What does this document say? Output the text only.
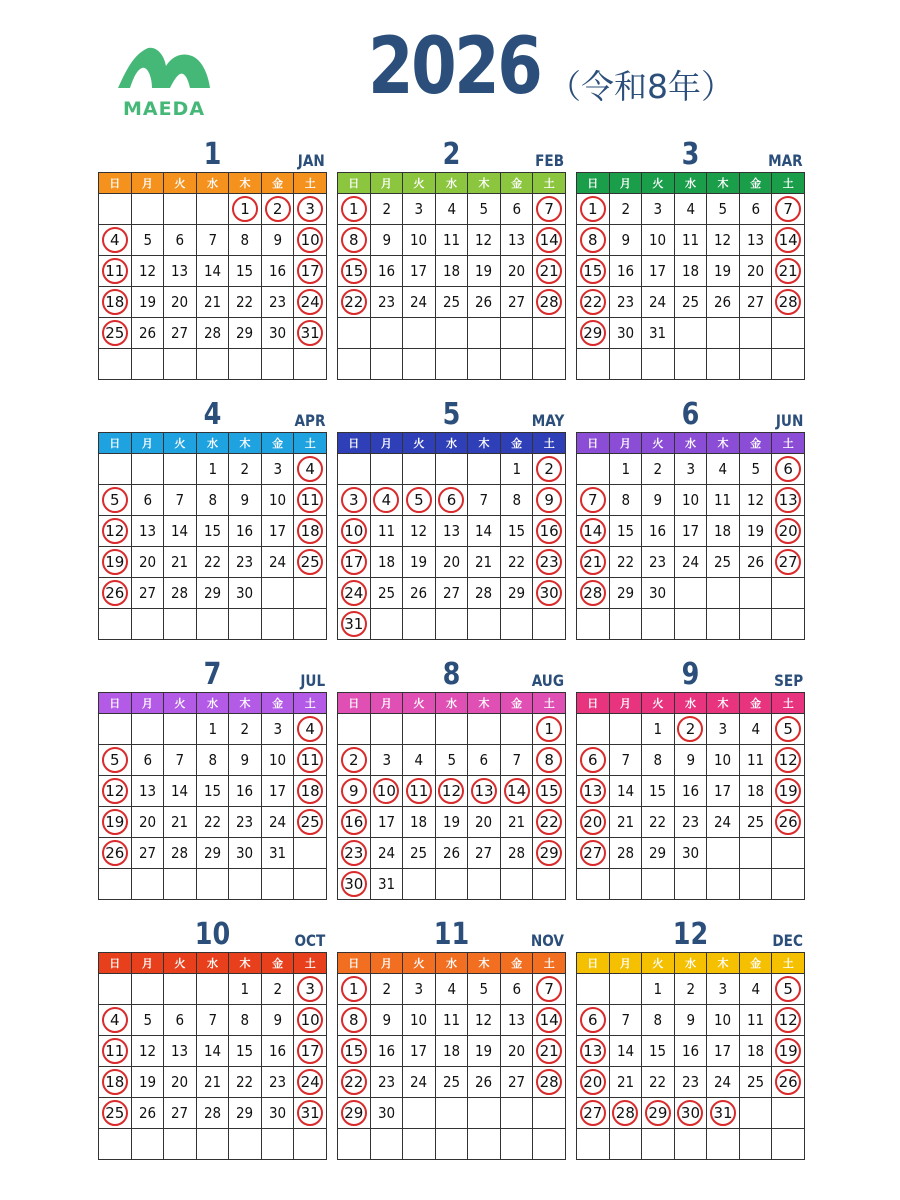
MAEDA 2026 （令和8年）
1	JAN
日	月	火	水	木	金	土
				1	2	3
4	5	6	7	8	9	10
11	12	13	14	15	16	17
18	19	20	21	22	23	24
25	26	27	28	29	30	31

2	FEB
日	月	火	水	木	金	土
1	2	3	4	5	6	7
8	9	10	11	12	13	14
15	16	17	18	19	20	21
22	23	24	25	26	27	28

3	MAR
日	月	火	水	木	金	土
1	2	3	4	5	6	7
8	9	10	11	12	13	14
15	16	17	18	19	20	21
22	23	24	25	26	27	28
29	30	31				

4	APR
日	月	火	水	木	金	土
			1	2	3	4
5	6	7	8	9	10	11
12	13	14	15	16	17	18
19	20	21	22	23	24	25
26	27	28	29	30		

5	MAY
日	月	火	水	木	金	土
					1	2
3	4	5	6	7	8	9
10	11	12	13	14	15	16
17	18	19	20	21	22	23
24	25	26	27	28	29	30
31						
6	JUN
日	月	火	水	木	金	土
	1	2	3	4	5	6
7	8	9	10	11	12	13
14	15	16	17	18	19	20
21	22	23	24	25	26	27
28	29	30				

7	JUL
日	月	火	水	木	金	土
			1	2	3	4
5	6	7	8	9	10	11
12	13	14	15	16	17	18
19	20	21	22	23	24	25
26	27	28	29	30	31	

8	AUG
日	月	火	水	木	金	土
						1
2	3	4	5	6	7	8
9	10	11	12	13	14	15
16	17	18	19	20	21	22
23	24	25	26	27	28	29
30	31					
9	SEP
日	月	火	水	木	金	土
		1	2	3	4	5
6	7	8	9	10	11	12
13	14	15	16	17	18	19
20	21	22	23	24	25	26
27	28	29	30			

10	OCT
日	月	火	水	木	金	土
				1	2	3
4	5	6	7	8	9	10
11	12	13	14	15	16	17
18	19	20	21	22	23	24
25	26	27	28	29	30	31

11	NOV
日	月	火	水	木	金	土
1	2	3	4	5	6	7
8	9	10	11	12	13	14
15	16	17	18	19	20	21
22	23	24	25	26	27	28
29	30					

12	DEC
日	月	火	水	木	金	土
		1	2	3	4	5
6	7	8	9	10	11	12
13	14	15	16	17	18	19
20	21	22	23	24	25	26
27	28	29	30	31		
